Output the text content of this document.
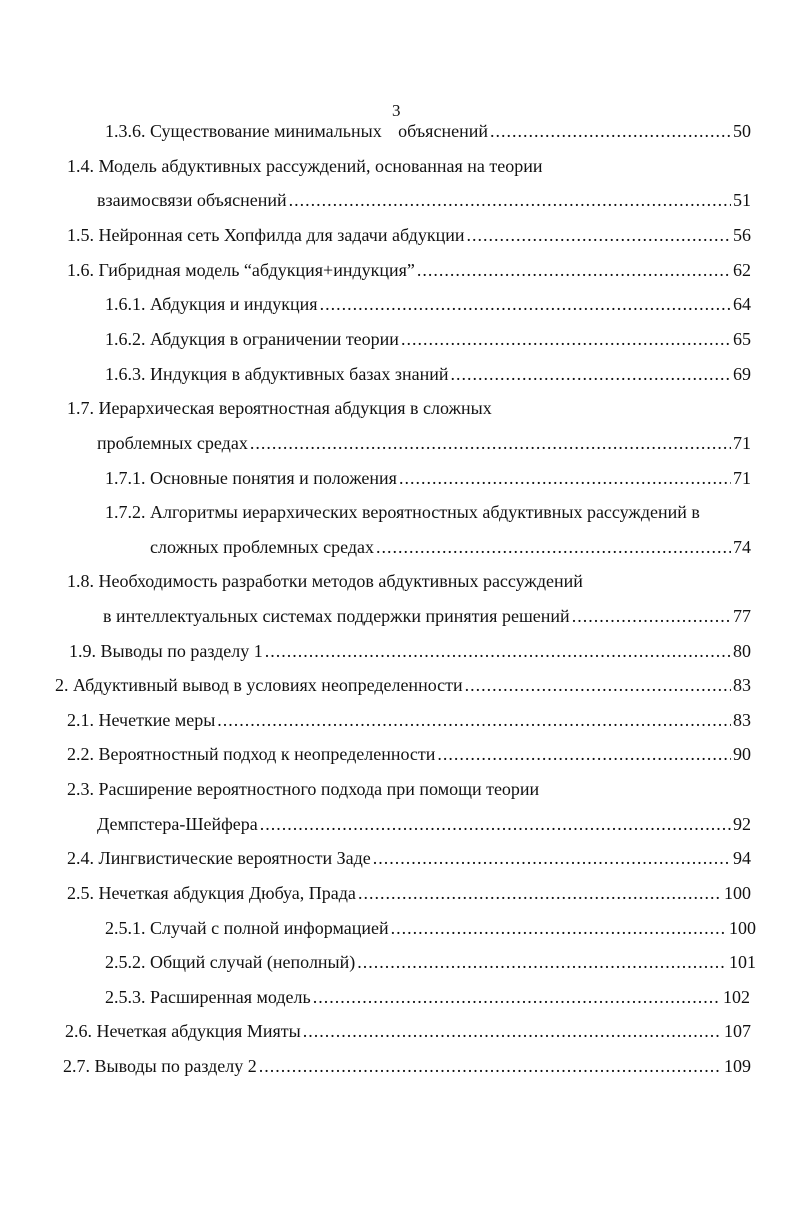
3
1.3.6. Существование минимальных объяснений .....	50
1.4. Модель абдуктивных рассуждений, основанная на теории
взаимосвязи объяснений .....	51
1.5. Нейронная сеть Хопфилда для задачи абдукции .....	56
1.6. Гибридная модель “абдукция+индукция” .....	62
1.6.1. Абдукция и индукция .....	64
1.6.2. Абдукция в ограничении теории .....	65
1.6.3. Индукция в абдуктивных базах знаний .....	69
1.7. Иерархическая вероятностная абдукция в сложных
проблемных средах .....	71
1.7.1. Основные понятия и положения .....	71
1.7.2. Алгоритмы иерархических вероятностных абдуктивных рассуждений в
сложных проблемных средах .....	74
1.8. Необходимость разработки методов абдуктивных рассуждений
в интеллектуальных системах поддержки принятия решений .....	77
1.9. Выводы по разделу 1 .....	80
2. Абдуктивный вывод в условиях неопределенности .....	83
2.1. Нечеткие меры .....	83
2.2. Вероятностный подход к неопределенности .....	90
2.3. Расширение вероятностного подхода при помощи теории
Демпстера-Шейфера .....	92
2.4. Лингвистические вероятности Заде .....	94
2.5. Нечеткая абдукция Дюбуа, Прада .....	100
2.5.1. Случай с полной информацией .....	100
2.5.2. Общий случай (неполный) .....	101
2.5.3. Расширенная модель .....	102
2.6. Нечеткая абдукция Мияты .....	107
2.7. Выводы по разделу 2 .....	109
